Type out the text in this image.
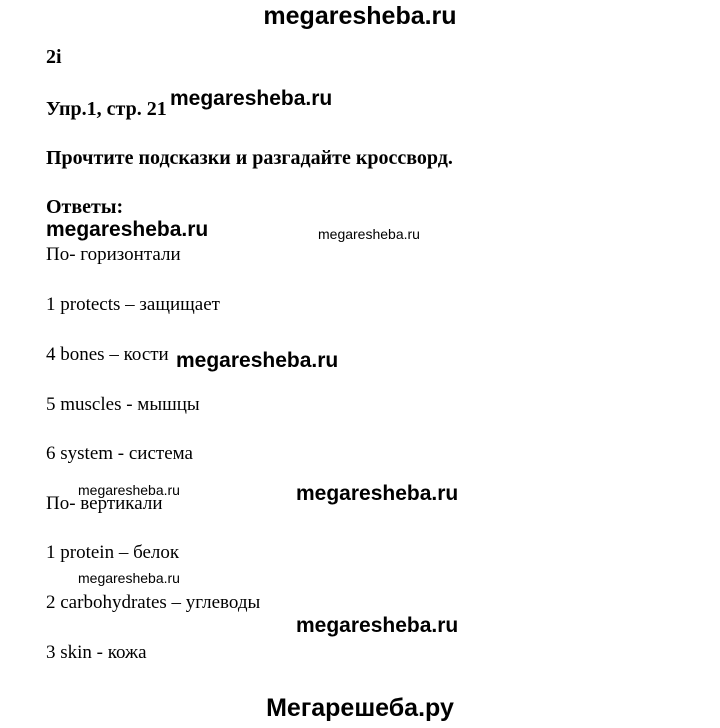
megaresheba.ru
2i
Упр.1, стр. 21 megaresheba.ru
Прочтите подсказки и разгадайте кроссворд.
Ответы:
megaresheba.ru	megaresheba.ru
По- горизонтали
1 protects – защищает
4 bones – кости megaresheba.ru
5 muscles - мышцы
6 system - система
megaresheba.ru	megaresheba.ru
По- вертикали
1 protein – белок
megaresheba.ru
2 carbohydrates – углеводы
megaresheba.ru
3 skin - кожа
Мегарешеба.ру
